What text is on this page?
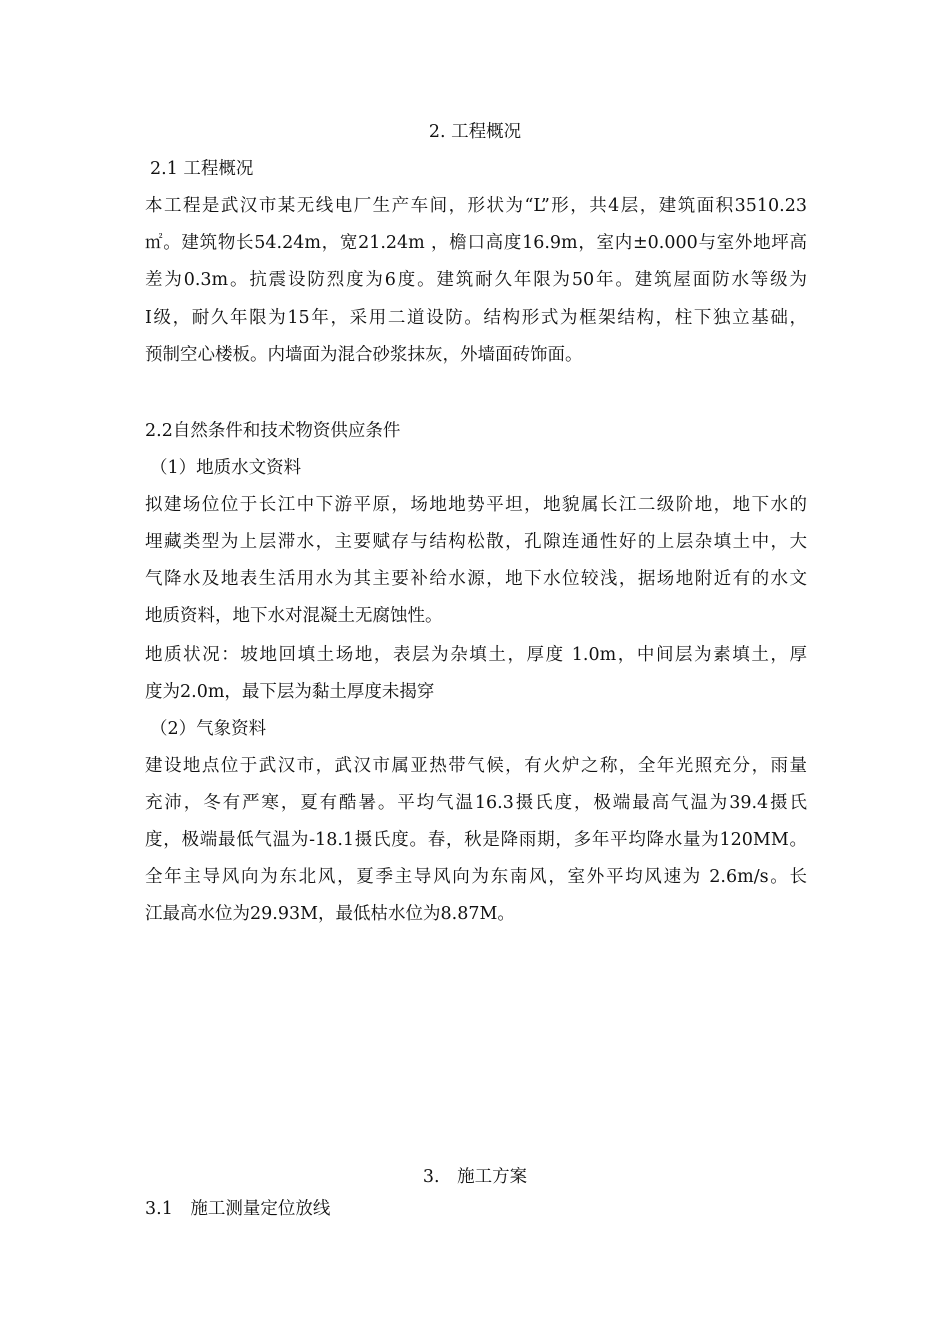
2. 工程概况
2.1 工程概况
本工程是武汉市某无线电厂生产车间，形状为“L”形，共4层，建筑面积3510.23
㎡。建筑物长54.24m，宽21.24m ，檐口高度16.9m，室内±0.000与室外地坪高
差为0.3m。抗震设防烈度为6度。建筑耐久年限为50年。建筑屋面防水等级为
Ⅰ级，耐久年限为15年，采用二道设防。结构形式为框架结构，柱下独立基础，
预制空心楼板。内墙面为混合砂浆抹灰，外墙面砖饰面。
2.2自然条件和技术物资供应条件
（1）地质水文资料
拟建场位位于长江中下游平原，场地地势平坦，地貌属长江二级阶地，地下水的
埋藏类型为上层滞水，主要赋存与结构松散，孔隙连通性好的上层杂填土中，大
气降水及地表生活用水为其主要补给水源，地下水位较浅，据场地附近有的水文
地质资料，地下水对混凝土无腐蚀性。
地质状况：坡地回填土场地，表层为杂填土，厚度 1.0m，中间层为素填土，厚
度为2.0m，最下层为黏土厚度未揭穿
（2）气象资料
建设地点位于武汉市，武汉市属亚热带气候，有火炉之称，全年光照充分，雨量
充沛，冬有严寒，夏有酷暑。平均气温16.3摄氏度，极端最高气温为39.4摄氏
度，极端最低气温为-18.1摄氏度。春，秋是降雨期，多年平均降水量为120MM。
全年主导风向为东北风，夏季主导风向为东南风，室外平均风速为 2.6m/s。长
江最高水位为29.93M，最低枯水位为8.87M。
3.　施工方案
3.1　施工测量定位放线
